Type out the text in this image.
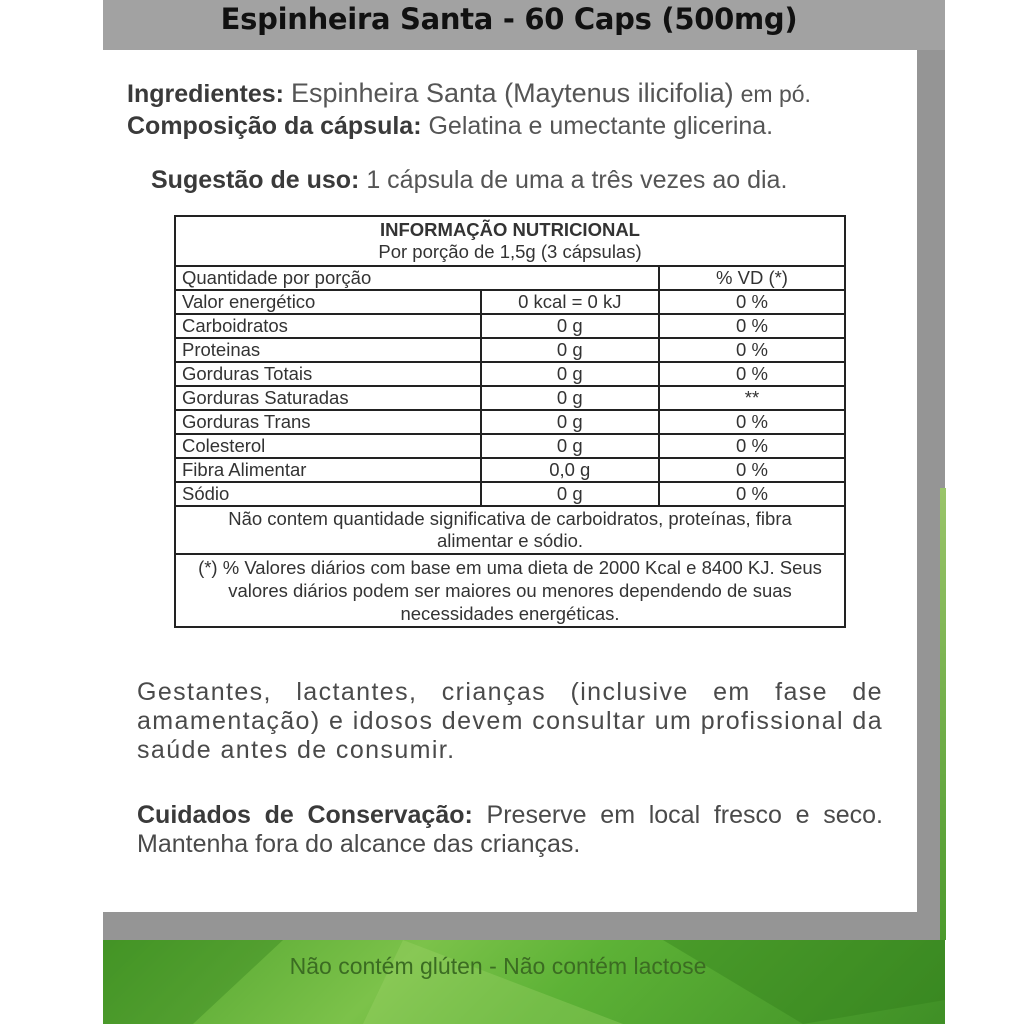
Espinheira Santa - 60 Caps (500mg)
Não contém glúten - Não contém lactose
Ingredientes: Espinheira Santa (Maytenus ilicifolia) em pó.
Composição da cápsula: Gelatina e umectante glicerina.
Sugestão de uso: 1 cápsula de uma a três vezes ao dia.
INFORMAÇÃO NUTRICIONAL
Por porção de 1,5g (3 cápsulas)		

Quantidade por porção		% VD (*)
Valor energético	0 kcal = 0 kJ	0 %
Carboidratos	0 g	0 %
Proteinas	0 g	0 %
Gorduras Totais	0 g	0 %
Gorduras Saturadas	0 g	**
Gorduras Trans	0 g	0 %
Colesterol	0 g	0 %
Fibra Alimentar	0,0 g	0 %
Sódio	0 g	0 %
Não contem quantidade significativa de carboidratos, proteínas, fibra alimentar e sódio.		
(*) % Valores diários com base em uma dieta de 2000 Kcal e 8400 KJ. Seus valores diários podem ser maiores ou menores dependendo de suas necessidades energéticas.		
Gestantes, lactantes, crianças (inclusive em fase de amamentação) e idosos devem consultar um profissional da saúde antes de consumir.
Cuidados de Conservação: Preserve em local fresco e seco. Mantenha fora do alcance das crianças.
